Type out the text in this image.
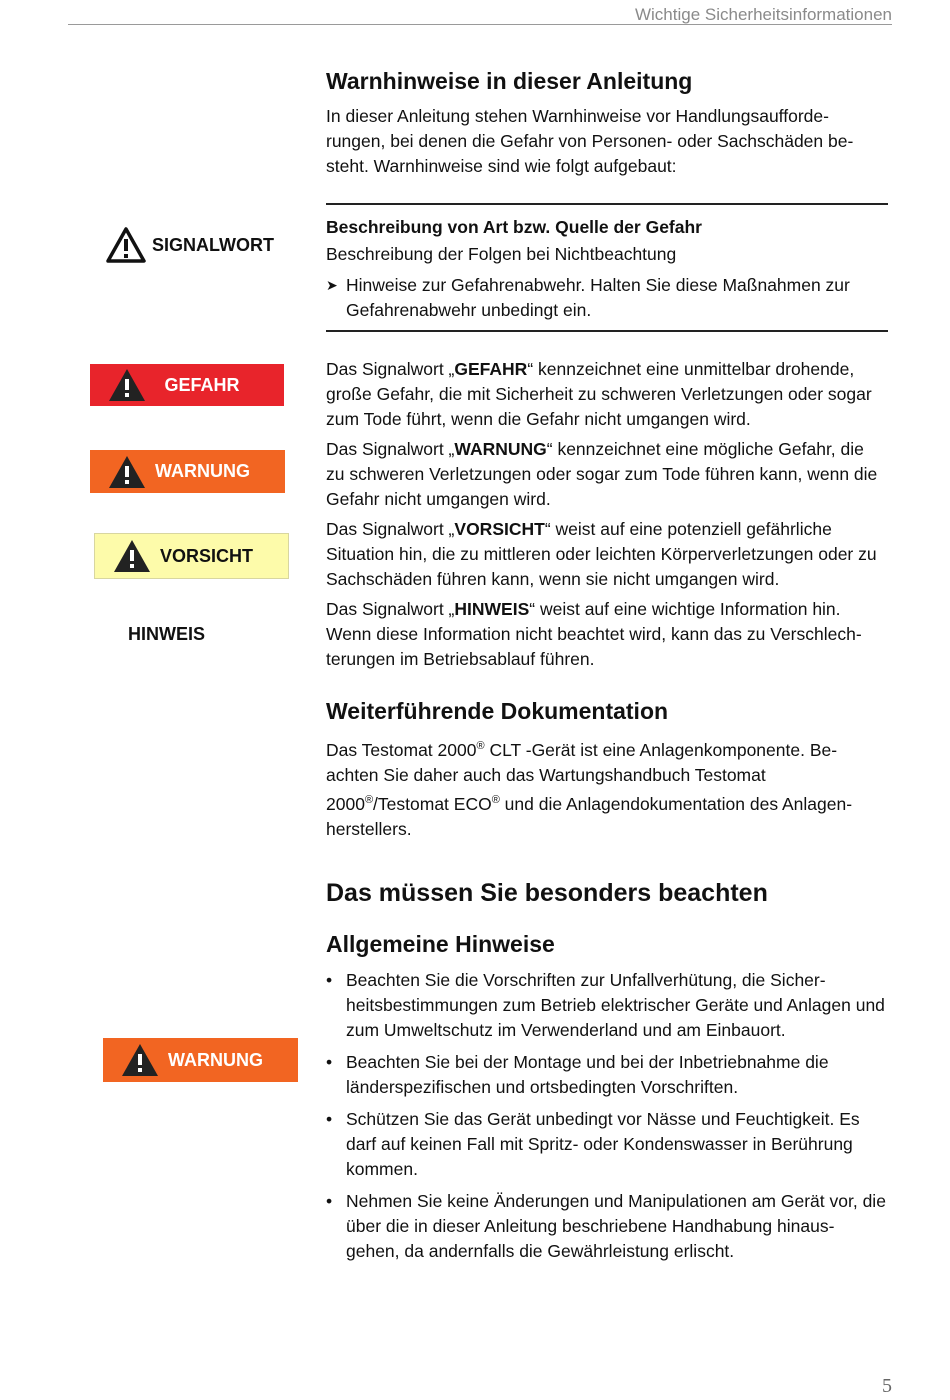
Wichtige Sicherheitsinformationen
Warnhinweise in dieser Anleitung

In dieser Anleitung stehen Warnhinweise vor Handlungsaufforde-rungen, bei denen die Gefahr von Personen- oder Sachschäden be-steht. Warnhinweise sind wie folgt aufgebaut:

SIGNALWORT
Beschreibung von Art bzw. Quelle der Gefahr
Beschreibung der Folgen bei Nichtbeachtung
➤ Hinweise zur Gefahrenabwehr. Halten Sie diese Maßnahmen zur Gefahrenabwehr unbedingt ein.
GEFAHR
WARNUNG
VORSICHT
HINWEIS

Das Signalwort „GEFAHR“ kennzeichnet eine unmittelbar drohende, große Gefahr, die mit Sicherheit zu schweren Verletzungen oder sogar zum Tode führt, wenn die Gefahr nicht umgangen wird.

Das Signalwort „WARNUNG“ kennzeichnet eine mögliche Gefahr, die zu schweren Verletzungen oder sogar zum Tode führen kann, wenn die Gefahr nicht umgangen wird.

Das Signalwort „VORSICHT“ weist auf eine potenziell gefährliche Situation hin, die zu mittleren oder leichten Körperverletzungen oder zu Sachschäden führen kann, wenn sie nicht umgangen wird.

Das Signalwort „HINWEIS“ weist auf eine wichtige Information hin. Wenn diese Information nicht beachtet wird, kann das zu Verschlech-terungen im Betriebsablauf führen.

Weiterführende Dokumentation

Das Testomat 2000® CLT -Gerät ist eine Anlagenkomponente. Be-achten Sie daher auch das Wartungshandbuch Testomat 2000®/Testomat ECO® und die Anlagendokumentation des Anlagen-herstellers.

Das müssen Sie besonders beachten
Allgemeine Hinweise
WARNUNG
• Beachten Sie die Vorschriften zur Unfallverhütung, die Sicher-heitsbestimmungen zum Betrieb elektrischer Geräte und Anlagen und zum Umweltschutz im Verwenderland und am Einbauort.
• Beachten Sie bei der Montage und bei der Inbetriebnahme die länderspezifischen und ortsbedingten Vorschriften.
• Schützen Sie das Gerät unbedingt vor Nässe und Feuchtigkeit. Es darf auf keinen Fall mit Spritz- oder Kondenswasser in Berührung kommen.
• Nehmen Sie keine Änderungen und Manipulationen am Gerät vor, die über die in dieser Anleitung beschriebene Handhabung hinaus-gehen, da andernfalls die Gewährleistung erlischt.
5
